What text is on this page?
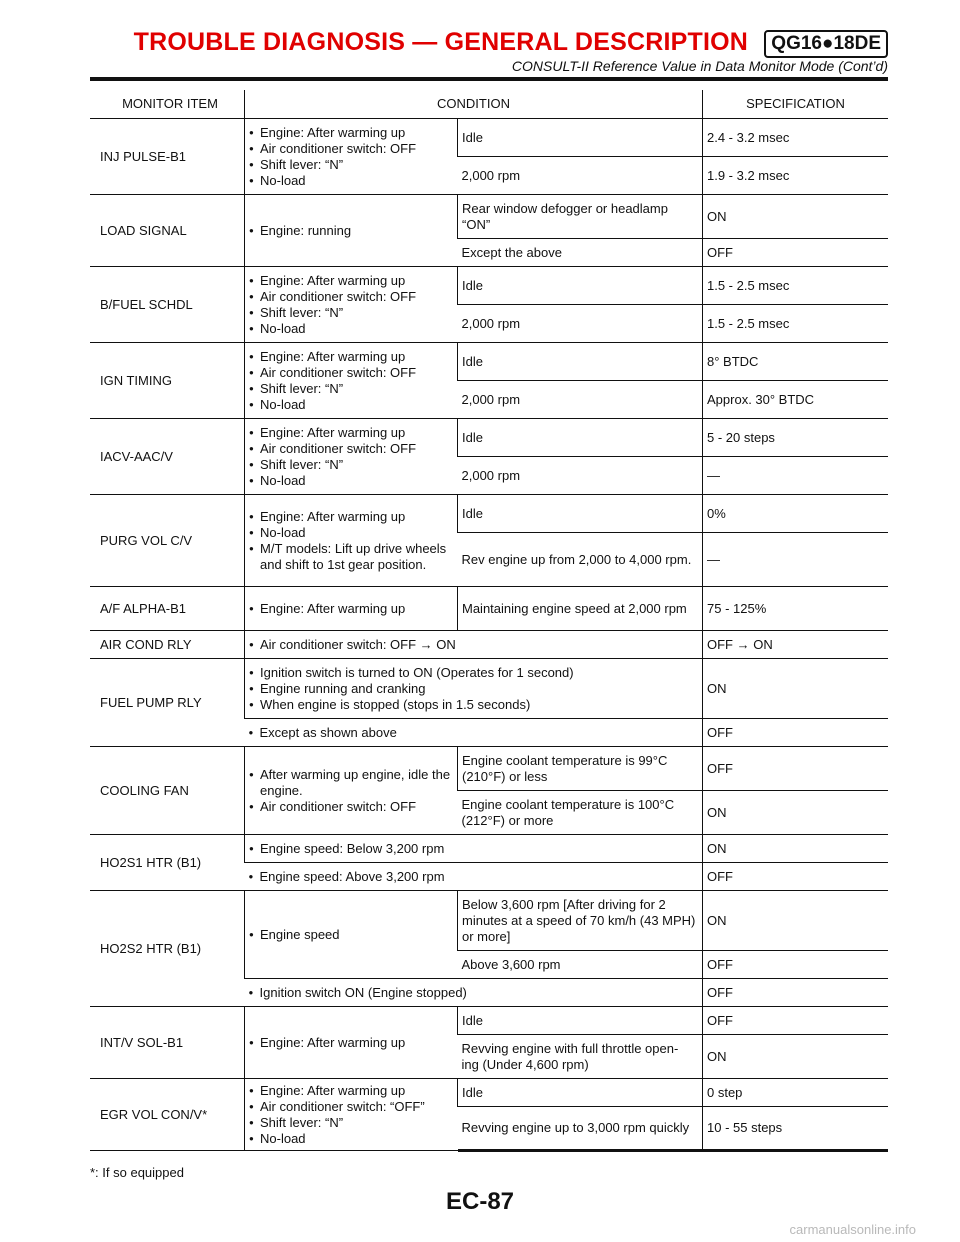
TROUBLE DIAGNOSIS — GENERAL DESCRIPTION	QG16●18DE
CONSULT-II Reference Value in Data Monitor Mode (Cont’d)
MONITOR ITEM	CONDITION		SPECIFICATION
INJ PULSE-B1	● Engine: After warming up
● Air conditioner switch: OFF
● Shift lever: “N”
● No-load	Idle	2.4 - 3.2 msec
		2,000 rpm	1.9 - 3.2 msec
LOAD SIGNAL	● Engine: running	Rear window defogger or headlamp “ON”	ON
		Except the above	OFF
B/FUEL SCHDL	● Engine: After warming up
● Air conditioner switch: OFF
● Shift lever: “N”
● No-load	Idle	1.5 - 2.5 msec
		2,000 rpm	1.5 - 2.5 msec
IGN TIMING	● Engine: After warming up
● Air conditioner switch: OFF
● Shift lever: “N”
● No-load	Idle	8° BTDC
		2,000 rpm	Approx. 30° BTDC
IACV-AAC/V	● Engine: After warming up
● Air conditioner switch: OFF
● Shift lever: “N”
● No-load	Idle	5 - 20 steps
		2,000 rpm	—
PURG VOL C/V	● Engine: After warming up
● No-load
● M/T models: Lift up drive wheels and shift to 1st gear position.	Idle	0%
		Rev engine up from 2,000 to 4,000 rpm.	—
A/F ALPHA-B1	● Engine: After warming up	Maintaining engine speed at 2,000 rpm	75 - 125%
AIR COND RLY	● Air conditioner switch: OFF → ON		OFF → ON
FUEL PUMP RLY	● Ignition switch is turned to ON (Operates for 1 second)
● Engine running and cranking
● When engine is stopped (stops in 1.5 seconds)		ON

	● Except as shown above		OFF
COOLING FAN	● After warming up engine, idle the engine.
● Air conditioner switch: OFF	Engine coolant temperature is 99°C (210°F) or less	OFF
		Engine coolant temperature is 100°C (212°F) or more	ON
HO2S1 HTR (B1)	● Engine speed: Below 3,200 rpm		ON

	● Engine speed: Above 3,200 rpm		OFF
HO2S2 HTR (B1)	● Engine speed	Below 3,600 rpm [After driving for 2 minutes at a speed of 70 km/h (43 MPH) or more]	ON
		Above 3,600 rpm	OFF

	● Ignition switch ON (Engine stopped)		OFF
INT/V SOL-B1	● Engine: After warming up	Idle	OFF
		Revving engine with full throttle open- ing (Under 4,600 rpm)	ON
EGR VOL CON/V*	● Engine: After warming up
● Air conditioner switch: “OFF”
● Shift lever: “N”
● No-load	Idle	0 step
		Revving engine up to 3,000 rpm quickly	10 - 55 steps
*: If so equipped
EC-87
carmanualsonline.info
